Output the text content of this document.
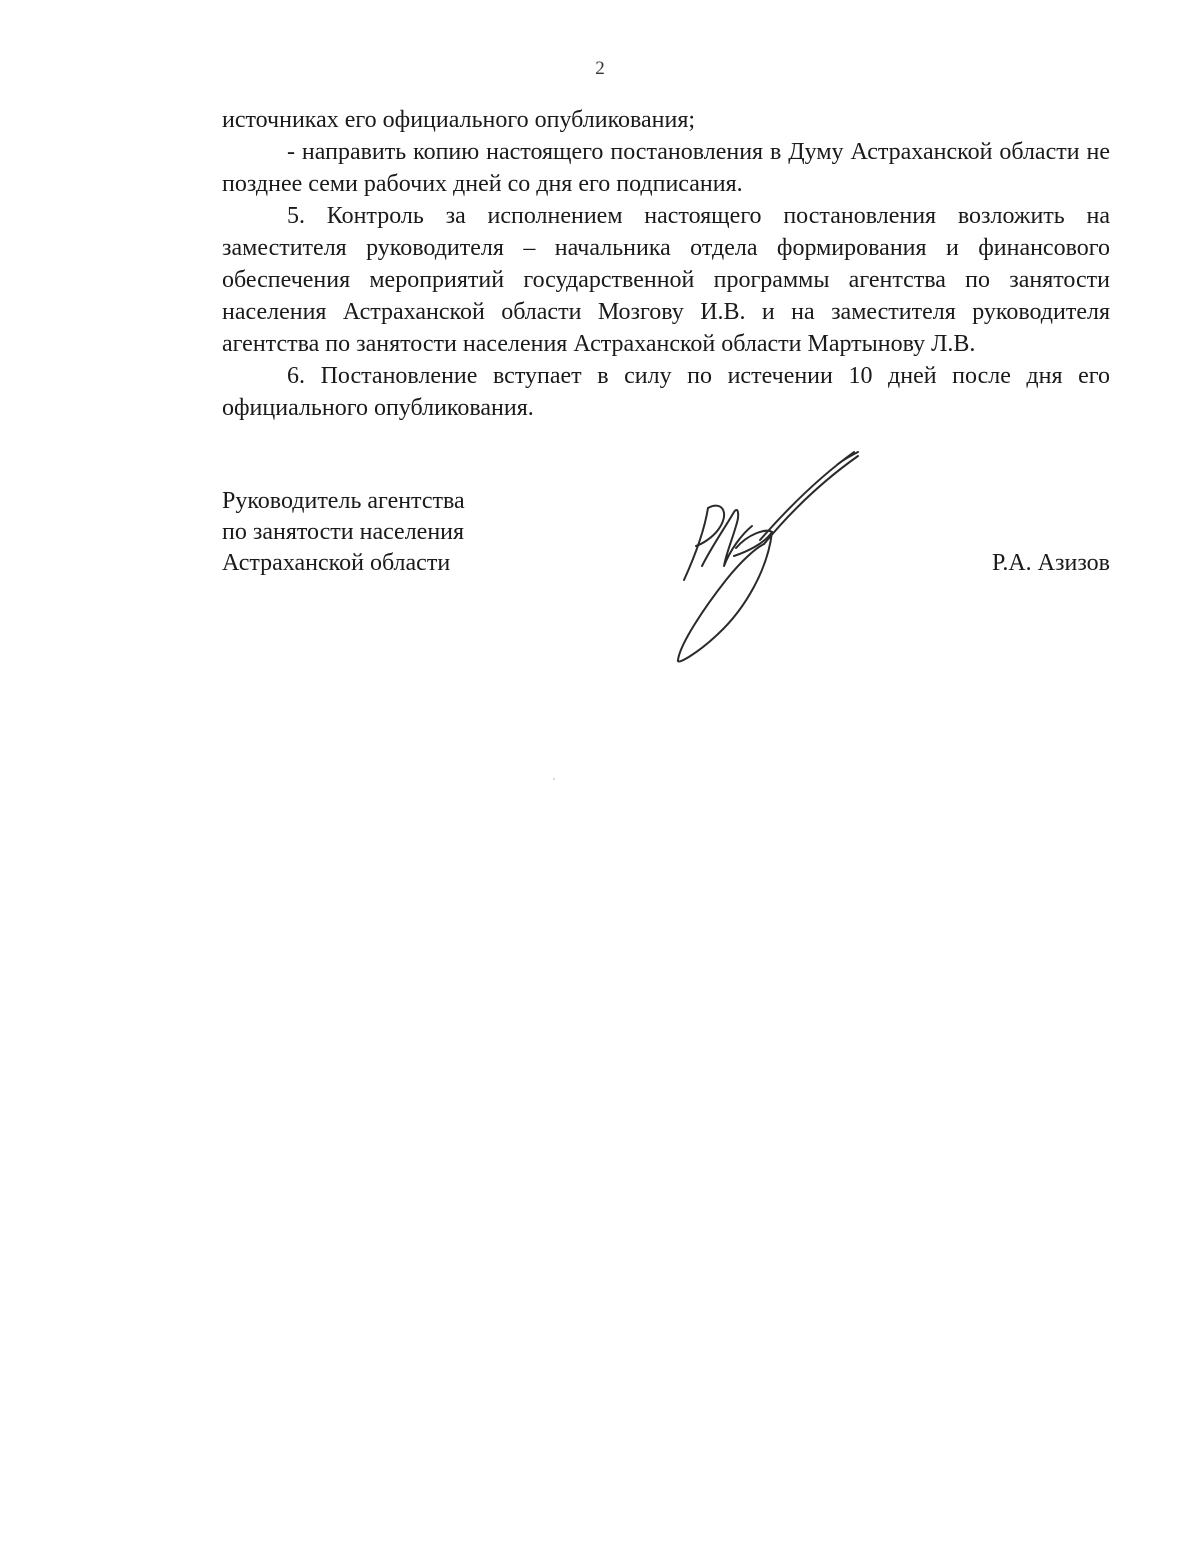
2

источниках его официального опубликования;

- направить копию настоящего постановления в Думу Астраханской области не позднее семи рабочих дней со дня его подписания.

5. Контроль за исполнением настоящего постановления возложить на заместителя руководителя – начальника отдела формирования и финансового обеспечения мероприятий государственной программы агентства по занятости населения Астраханской области Мозгову И.В. и на заместителя руководителя агентства по занятости населения Астраханской области Мартынову Л.В.

6. Постановление вступает в силу по истечении 10 дней после дня его официального опубликования.

Руководитель агентства
по занятости населения
Астраханской области	Р.А. Азизов
